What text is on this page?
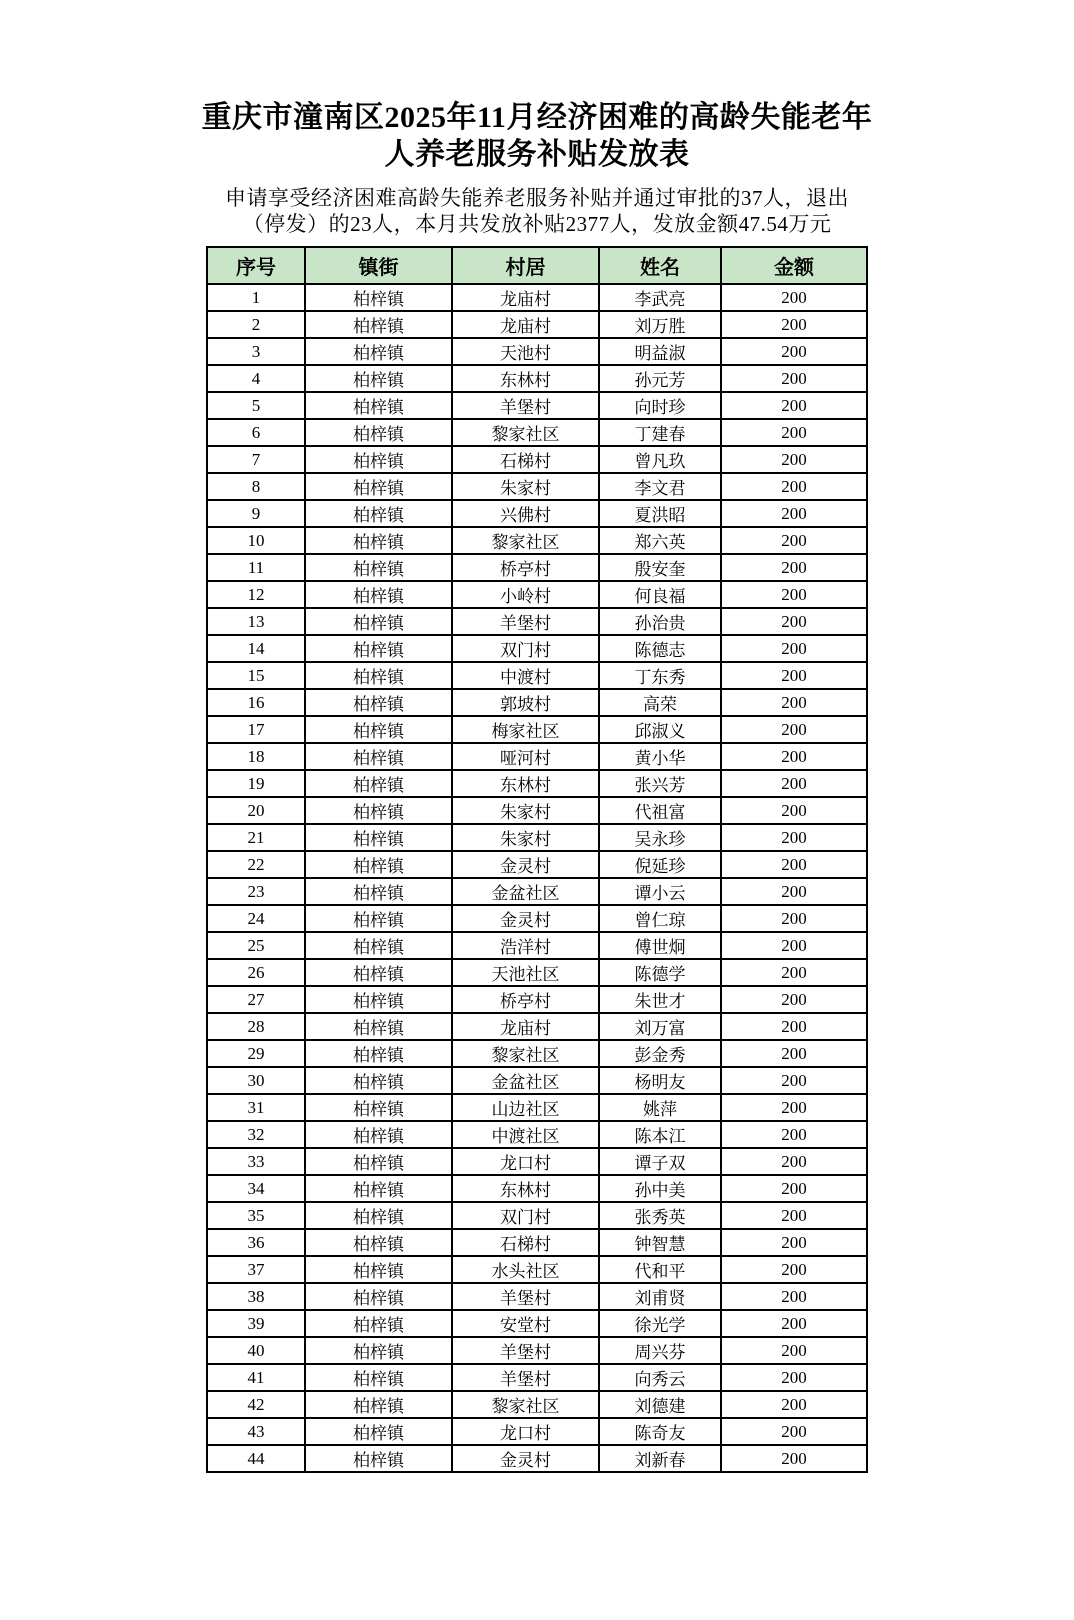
重庆市潼南区2025年11月经济困难的高龄失能老年
人养老服务补贴发放表
申请享受经济困难高龄失能养老服务补贴并通过审批的37人，退出
（停发）的23人，本月共发放补贴2377人，发放金额47.54万元
序号	镇街	村居	姓名	金额
1	柏梓镇	龙庙村	李武亮	200
2	柏梓镇	龙庙村	刘万胜	200
3	柏梓镇	天池村	明益淑	200
4	柏梓镇	东林村	孙元芳	200
5	柏梓镇	羊堡村	向时珍	200
6	柏梓镇	黎家社区	丁建春	200
7	柏梓镇	石梯村	曾凡玖	200
8	柏梓镇	朱家村	李文君	200
9	柏梓镇	兴佛村	夏洪昭	200
10	柏梓镇	黎家社区	郑六英	200
11	柏梓镇	桥亭村	殷安奎	200
12	柏梓镇	小岭村	何良福	200
13	柏梓镇	羊堡村	孙治贵	200
14	柏梓镇	双门村	陈德志	200
15	柏梓镇	中渡村	丁东秀	200
16	柏梓镇	郭坡村	高荣	200
17	柏梓镇	梅家社区	邱淑义	200
18	柏梓镇	哑河村	黄小华	200
19	柏梓镇	东林村	张兴芳	200
20	柏梓镇	朱家村	代祖富	200
21	柏梓镇	朱家村	吴永珍	200
22	柏梓镇	金灵村	倪延珍	200
23	柏梓镇	金盆社区	谭小云	200
24	柏梓镇	金灵村	曾仁琼	200
25	柏梓镇	浩洋村	傅世炯	200
26	柏梓镇	天池社区	陈德学	200
27	柏梓镇	桥亭村	朱世才	200
28	柏梓镇	龙庙村	刘万富	200
29	柏梓镇	黎家社区	彭金秀	200
30	柏梓镇	金盆社区	杨明友	200
31	柏梓镇	山边社区	姚萍	200
32	柏梓镇	中渡社区	陈本江	200
33	柏梓镇	龙口村	谭子双	200
34	柏梓镇	东林村	孙中美	200
35	柏梓镇	双门村	张秀英	200
36	柏梓镇	石梯村	钟智慧	200
37	柏梓镇	水头社区	代和平	200
38	柏梓镇	羊堡村	刘甫贤	200
39	柏梓镇	安堂村	徐光学	200
40	柏梓镇	羊堡村	周兴芬	200
41	柏梓镇	羊堡村	向秀云	200
42	柏梓镇	黎家社区	刘德建	200
43	柏梓镇	龙口村	陈奇友	200
44	柏梓镇	金灵村	刘新春	200
